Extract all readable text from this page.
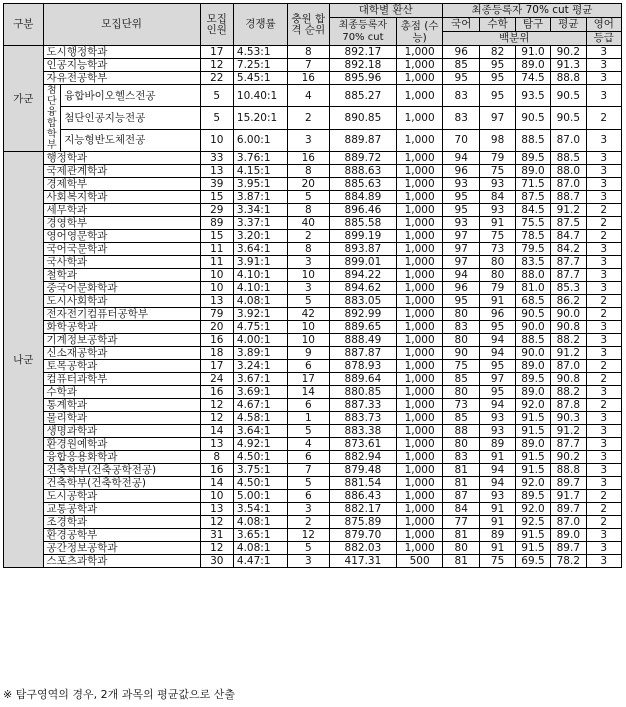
구분	모집단위		모집 인원	경쟁률	충원 합격 순위	대학별 환산		최종등록자 70% cut 평균				
						최종등록자 70% cut	총점 (수능)	국어	수학	탐구	평균	영어
								백분위				등급
가군	도시행정학과		17	4.53:1	8	892.17	1,000	96	82	91.0	90.2	3
	인공지능학과		12	7.25:1	7	892.18	1,000	85	95	89.0	91.3	3
	자유전공학부		22	5.45:1	16	895.96	1,000	95	95	74.5	88.8	3
	첨단 융합 학부	융합바이오헬스전공	5	10.40:1	4	885.27	1,000	83	95	93.5	90.5	3
		첨단인공지능전공	5	15.20:1	2	890.85	1,000	83	97	90.5	90.5	2
		지능형반도체전공	10	6.00:1	3	889.87	1,000	70	98	88.5	87.0	3
나군	행정학과		33	3.76:1	16	889.72	1,000	94	79	89.5	88.5	3
	국제관계학과		13	4.15:1	8	888.63	1,000	96	75	89.0	88.0	3
	경제학부		39	3.95:1	20	885.63	1,000	93	93	71.5	87.0	3
	사회복지학과		15	3.87:1	5	884.89	1,000	95	84	87.5	88.7	3
	세무학과		29	3.34:1	8	896.46	1,000	95	93	84.5	91.2	2
	경영학부		89	3.37:1	40	885.58	1,000	93	91	75.5	87.5	2
	영어영문학과		15	3.20:1	2	899.19	1,000	97	75	78.5	84.7	2
	국어국문학과		11	3.64:1	8	893.87	1,000	97	73	79.5	84.2	3
	국사학과		11	3.91:1	3	899.01	1,000	97	80	83.5	87.7	3
	철학과		10	4.10:1	10	894.22	1,000	94	80	88.0	87.7	3
	중국어문화학과		10	4.10:1	3	894.62	1,000	96	79	81.0	85.3	3
	도시사회학과		13	4.08:1	5	883.05	1,000	95	91	68.5	86.2	2
	전자전기컴퓨터공학부		79	3.92:1	42	892.99	1,000	80	96	90.5	90.0	2
	화학공학과		20	4.75:1	10	889.65	1,000	83	95	90.0	90.8	3
	기계정보공학과		16	4.00:1	10	888.49	1,000	80	94	88.5	88.2	3
	신소재공학과		18	3.89:1	9	887.87	1,000	90	94	90.0	91.2	3
	토목공학과		17	3.24:1	6	878.93	1,000	75	95	89.0	87.0	2
	컴퓨터과학부		24	3.67:1	17	889.64	1,000	85	97	89.5	90.8	2
	수학과		16	3.69:1	14	880.85	1,000	80	95	89.0	88.2	3
	통계학과		12	4.67:1	6	887.33	1,000	73	94	92.0	87.8	2
	물리학과		12	4.58:1	1	883.73	1,000	85	93	91.5	90.3	3
	생명과학과		14	3.64:1	5	883.38	1,000	88	93	91.5	91.2	3
	환경원예학과		13	4.92:1	4	873.61	1,000	80	89	89.0	87.7	3
	융합응용화학과		8	4.50:1	6	882.94	1,000	83	91	91.5	90.2	3
	건축학부(건축공학전공)		16	3.75:1	7	879.48	1,000	81	94	91.5	88.8	3
	건축학부(건축학전공)		14	4.50:1	5	881.54	1,000	81	94	92.0	89.7	3
	도시공학과		10	5.00:1	6	886.43	1,000	87	93	89.5	91.7	2
	교통공학과		13	3.54:1	3	882.17	1,000	84	91	92.0	89.7	2
	조경학과		12	4.08:1	2	875.89	1,000	77	91	92.5	87.0	2
	환경공학부		31	3.65:1	12	879.70	1,000	81	89	91.5	89.0	3
	공간정보공학과		12	4.08:1	5	882.03	1,000	80	91	91.5	89.7	3
	스포츠과학과		30	4.47:1	3	417.31	500	81	75	69.5	78.2	3
※ 탐구영역의 경우, 2개 과목의 평균값으로 산출
